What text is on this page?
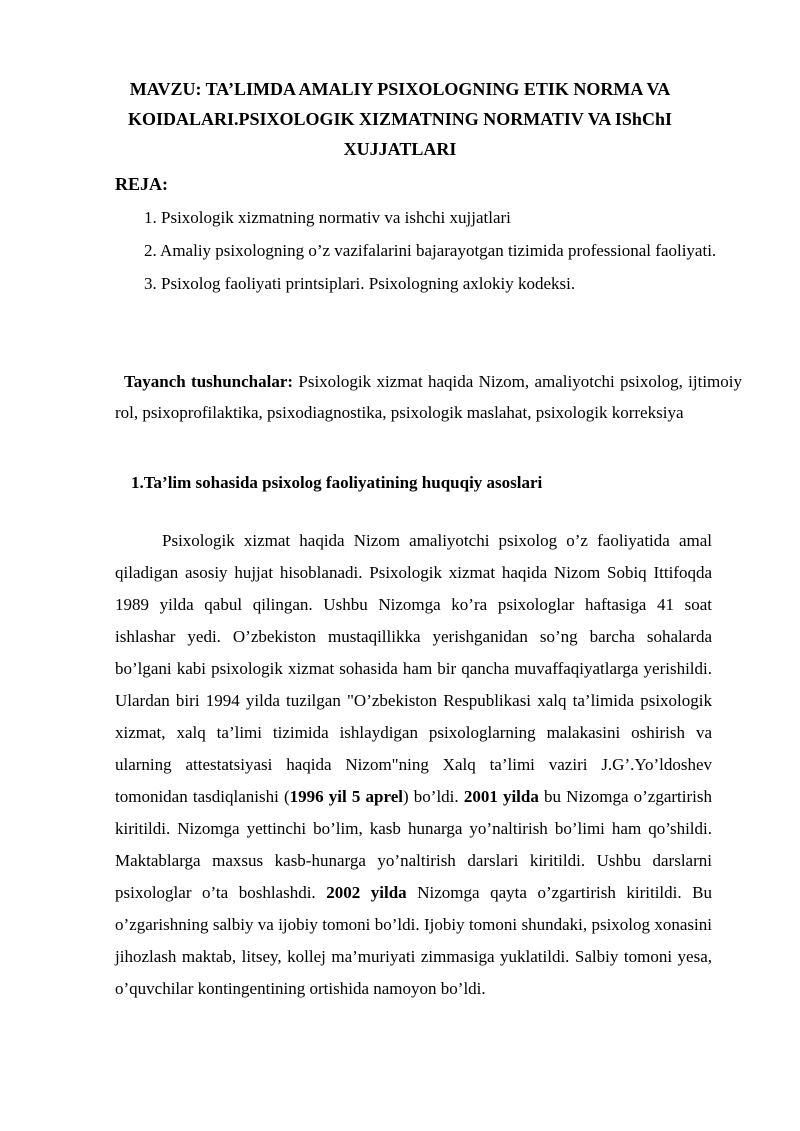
MAVZU: TA’LIMDA AMALIY PSIXOLOGNING ETIK NORMA VA KOIDALARI.PSIXOLOGIK XIZMATNING NORMATIV VA IShChI XUJJATLARI

REJA:

1. Psixologik xizmatning normativ va ishchi xujjatlari
2. Amaliy psixologning o’z vazifalarini bajarayotgan tizimida professional faoliyati.
3. Psixolog faoliyati printsiplari. Psixologning axlokiy kodeksi.

Tayanch tushunchalar: Psixologik xizmat haqida Nizom, amaliyotchi psixolog, ijtimoiy rol, psixoprofilaktika, psixodiagnostika, psixologik maslahat, psixologik korreksiya

1.Ta’lim sohasida psixolog faoliyatining huquqiy asoslari

Psixologik xizmat haqida Nizom amaliyotchi psixolog o’z faoliyatida amal qiladigan asosiy hujjat hisoblanadi. Psixologik xizmat haqida Nizom Sobiq Ittifoqda 1989 yilda qabul qilingan. Ushbu Nizomga ko’ra psixologlar haftasiga 41 soat ishlashar yedi. O’zbekiston mustaqillikka yerishganidan so’ng barcha sohalarda bo’lgani kabi psixologik xizmat sohasida ham bir qancha muvaffaqiyatlarga yerishildi. Ulardan biri 1994 yilda tuzilgan "O’zbekiston Respublikasi xalq ta’limida psixologik xizmat, xalq ta’limi tizimida ishlaydigan psixologlarning malakasini oshirish va ularning attestatsiyasi haqida Nizom"ning Xalq ta’limi vaziri J.G’.Yo’ldoshev tomonidan tasdiqlanishi (1996 yil 5 aprel) bo’ldi. 2001 yilda bu Nizomga o’zgartirish kiritildi. Nizomga yettinchi bo’lim, kasb hunarga yo’naltirish bo’limi ham qo’shildi. Maktablarga maxsus kasb-hunarga yo’naltirish darslari kiritildi. Ushbu darslarni psixologlar o’ta boshlashdi. 2002 yilda Nizomga qayta o’zgartirish kiritildi. Bu o’zgarishning salbiy va ijobiy tomoni bo’ldi. Ijobiy tomoni shundaki, psixolog xonasini jihozlash maktab, litsey, kollej ma’muriyati zimmasiga yuklatildi. Salbiy tomoni yesa, o’quvchilar kontingentining ortishida namoyon bo’ldi.
